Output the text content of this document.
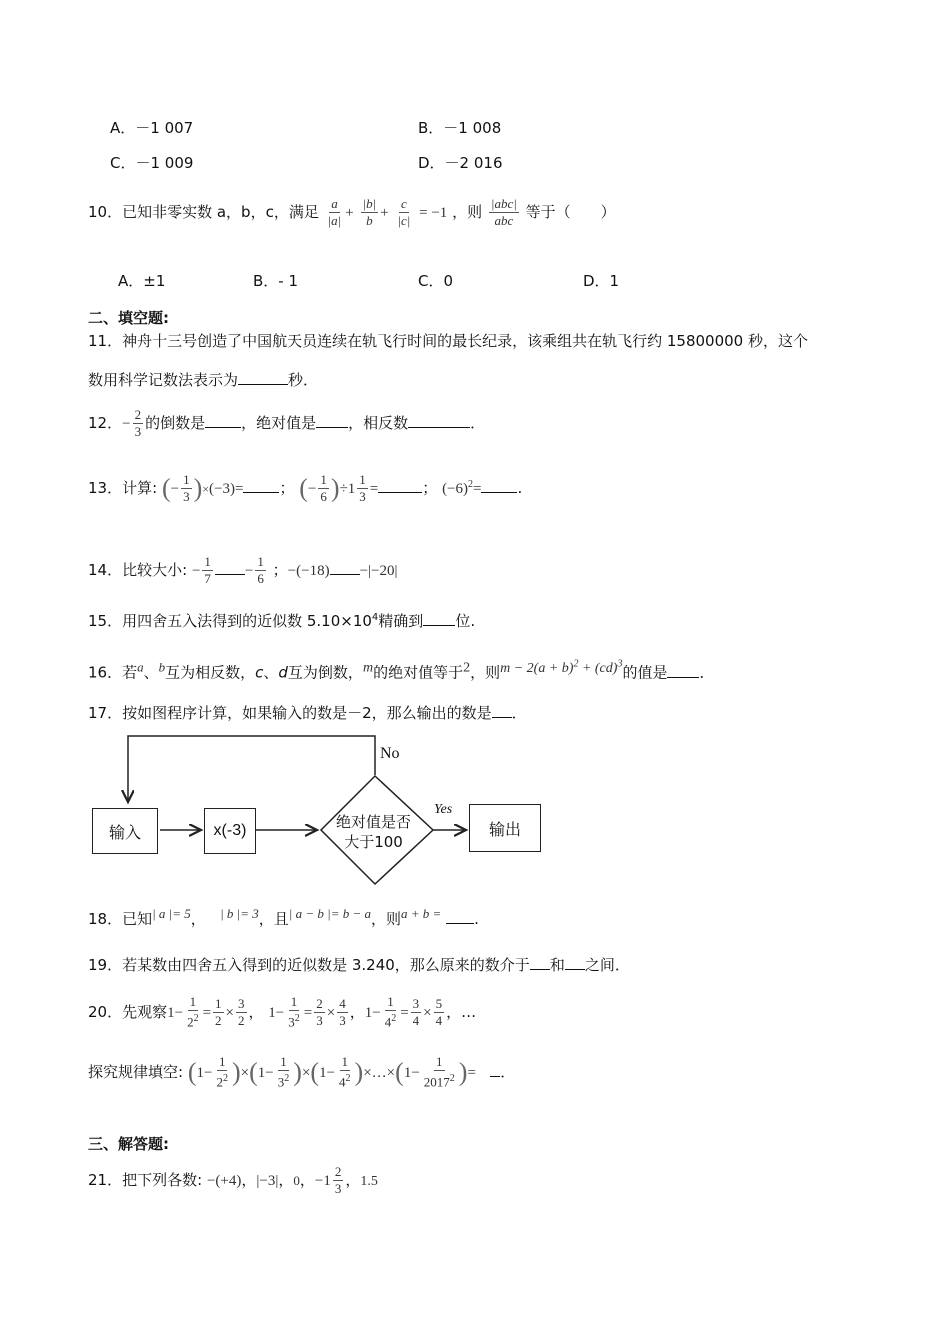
A．－1 007	B．－1 008
C．－1 009	D．－2 016
10．已知非零实数 a，b，c，满足 $\frac{a}{|a|} + \frac{|b|}{b} + \frac{c}{|c|} = -1$ ，则 $\frac{\text{|abc|}}{\text{abc}}$ 等于（　　）
A．±1	B．- 1	C．0	D．1
二、填空题:
11．神舟十三号创造了中国航天员连续在轨飞行时间的最长纪录，该乘组共在轨飞行约 15800000 秒，这个
数用科学记数法表示为	秒．
12．− $\frac{2}{3}$ 的倒数是 ，绝对值是 ，相反数	．
13．计算: (− $\frac{1}{3} )\times(-3)=$ ； (− $\frac{1}{6} )\div 1 \frac{1}{3}$ =	； $(-6)^2=$ .
14．比较大小: − $\frac{1}{7} - \frac{1}{6}$ ；−(−18) −|−20|
15．用四舍五入法得到的近似数 $5.10\times 10^4$精确到 位.
16．若a、b互为相反数，c、d互为倒数，m的绝对值等于2，则$m - 2(a + b)^2 + (cd)^3$的值是 ．
17．按如图程序计算，如果输入的数是－2，那么输出的数是 ．
输入	x(-3)	绝对值是否
大于100
No
Yes
输出
18．已知| a |= 5， | b |= 3，且| a − b |= b − a，则a + b = .
19．若某数由四舍五入得到的近似数是 3.240，那么原来的数介于 和 之间．
20．先观察$1- \frac{1}{2^2} = \frac{1}{2} \times \frac{3}{2}$ ， $1- \frac{1}{3^2} = \frac{2}{3} \times \frac{4}{3}$ ，$1- \frac{1}{4^2} = \frac{3}{4} \times \frac{5}{4}$ ，…
探究规律填空: $(1- \frac{1}{2^2} )\times(1- \frac{1}{3^2} )\times(1- \frac{1}{4^2}$ )×…×(1− $\frac{1}{2017^2}$ )= ．
三、解答题:
21．把下列各数: −(+4)，|−3|，0，$-1 \frac{2}{3}$ ，1.5
